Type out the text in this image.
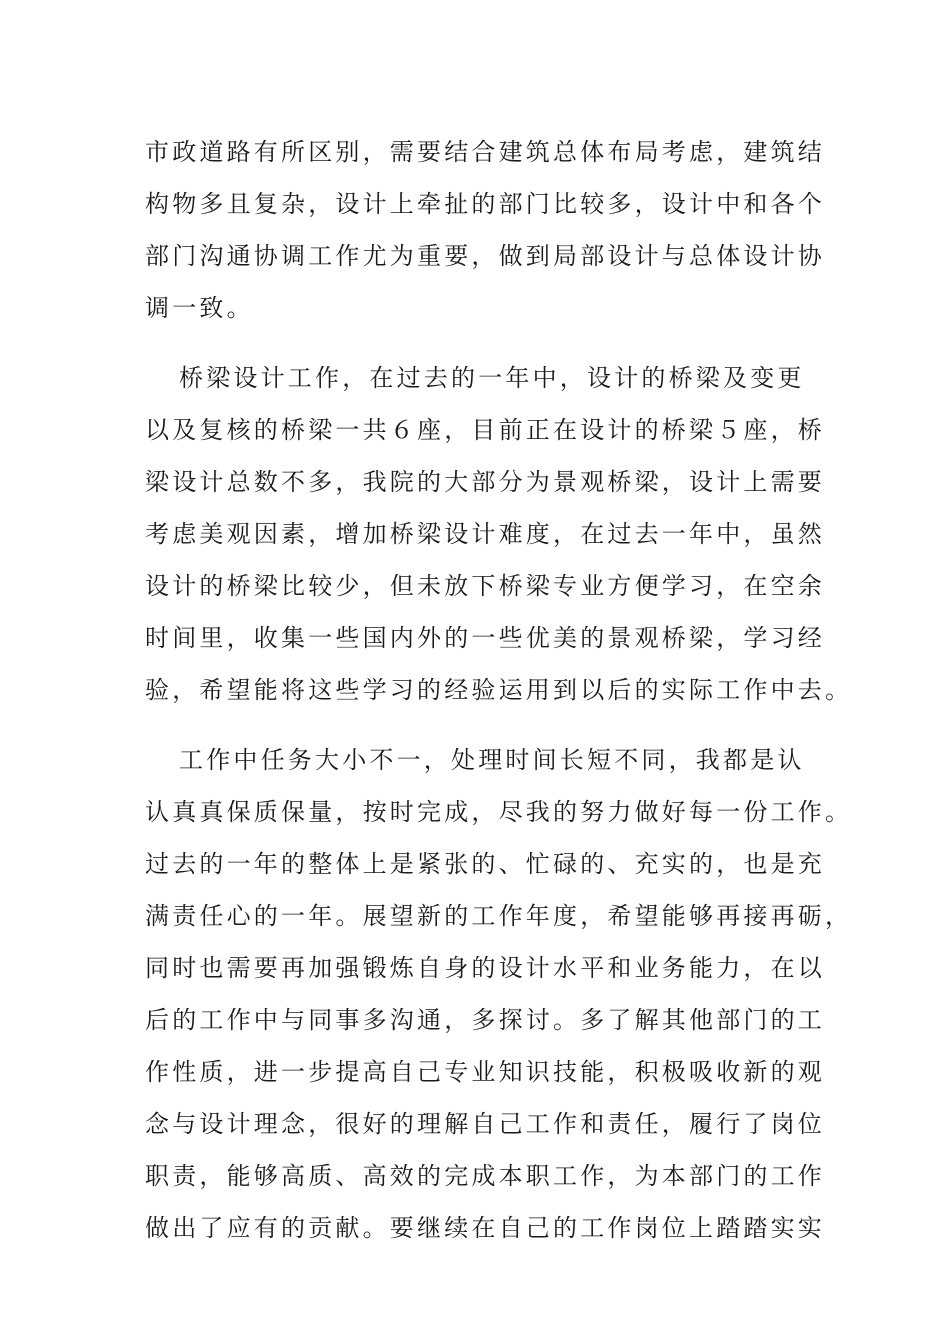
市政道路有所区别，需要结合建筑总体布局考虑，建筑结
构物多且复杂，设计上牵扯的部门比较多，设计中和各个
部门沟通协调工作尤为重要，做到局部设计与总体设计协
调一致。
桥梁设计工作，在过去的一年中，设计的桥梁及变更
以及复核的桥梁一共６座，目前正在设计的桥梁５座，桥
梁设计总数不多，我院的大部分为景观桥梁，设计上需要
考虑美观因素，增加桥梁设计难度，在过去一年中，虽然
设计的桥梁比较少，但未放下桥梁专业方便学习，在空余
时间里，收集一些国内外的一些优美的景观桥梁，学习经
验，希望能将这些学习的经验运用到以后的实际工作中去。
工作中任务大小不一，处理时间长短不同，我都是认
认真真保质保量，按时完成，尽我的努力做好每一份工作。
过去的一年的整体上是紧张的、忙碌的、充实的，也是充
满责任心的一年。展望新的工作年度，希望能够再接再砺，
同时也需要再加强锻炼自身的设计水平和业务能力，在以
后的工作中与同事多沟通，多探讨。多了解其他部门的工
作性质，进一步提高自己专业知识技能，积极吸收新的观
念与设计理念，很好的理解自己工作和责任，履行了岗位
职责，能够高质、高效的完成本职工作，为本部门的工作
做出了应有的贡献。要继续在自己的工作岗位上踏踏实实
